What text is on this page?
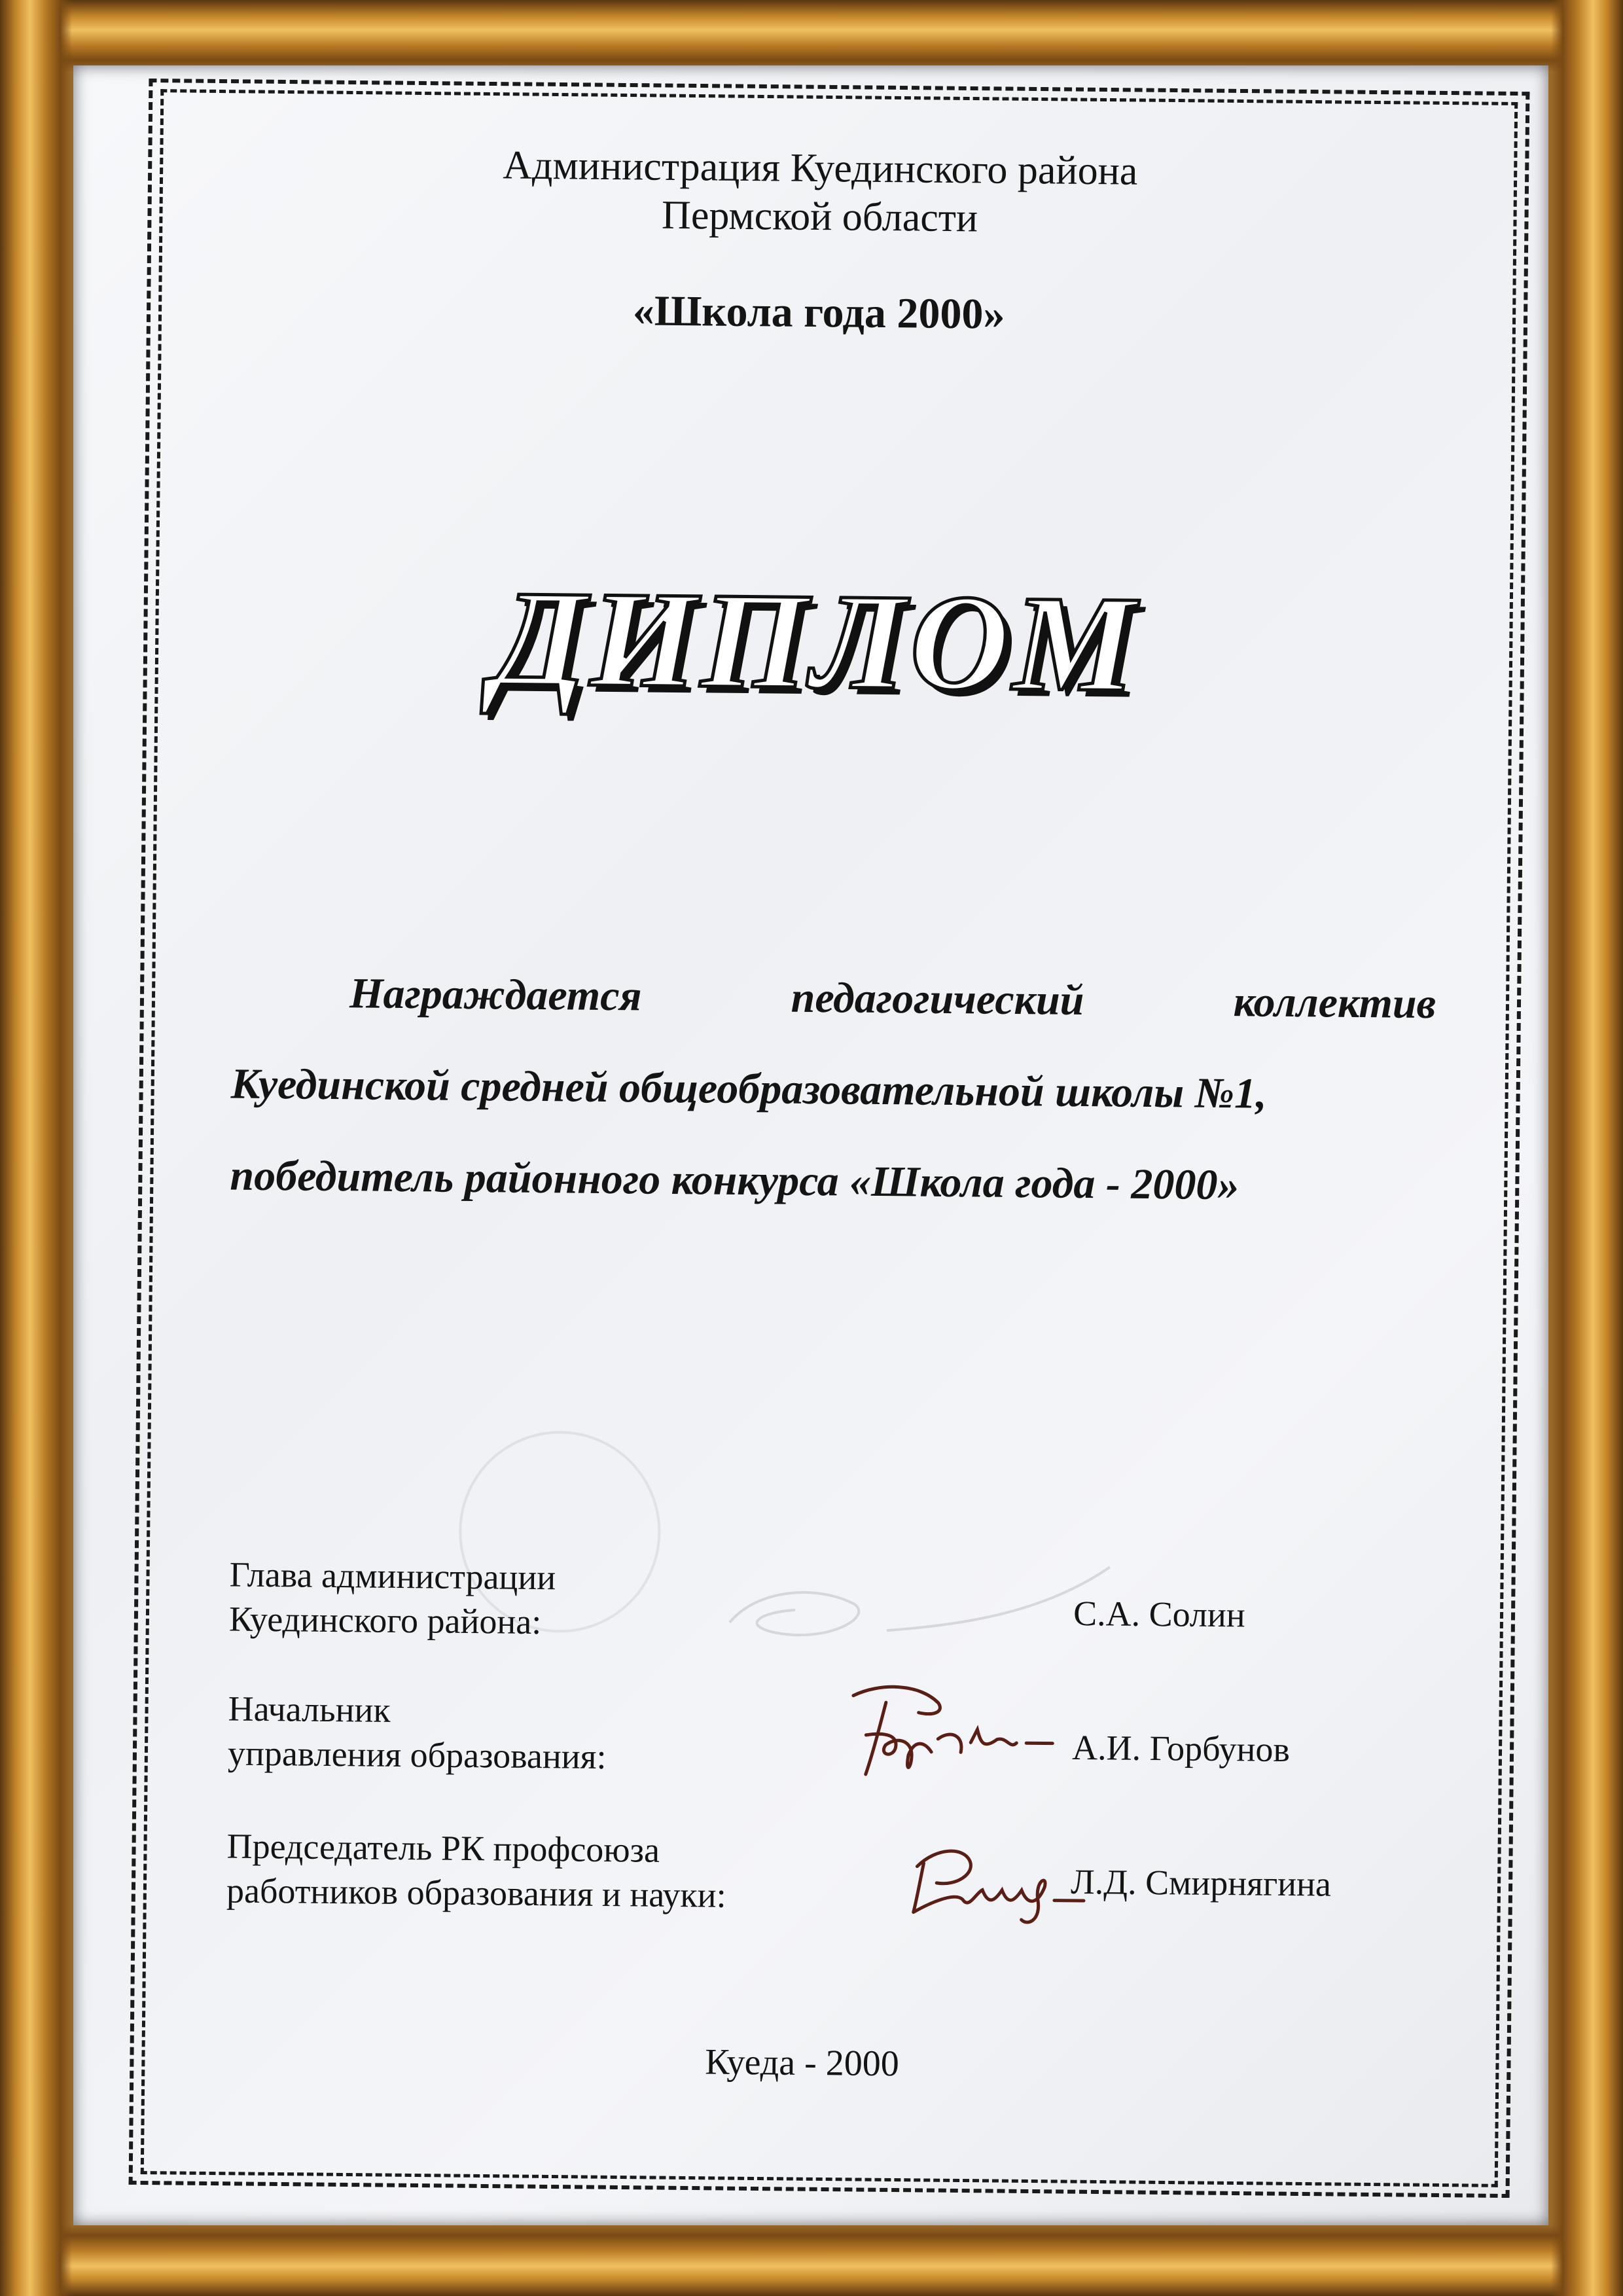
Администрация Куединского района
Пермской области
«Школа года 2000»
ДИПЛОМ
Награждается	педагогический	коллектив
Куединской средней общеобразовательной школы №1,
победитель районного конкурса «Школа года - 2000»
Глава администрации
Куединского района:	С.А. Солин
Начальник
управления образования:	А.И. Горбунов
Председатель РК профсоюза
работников образования и науки:	Л.Д. Смирнягина
Куеда - 2000
